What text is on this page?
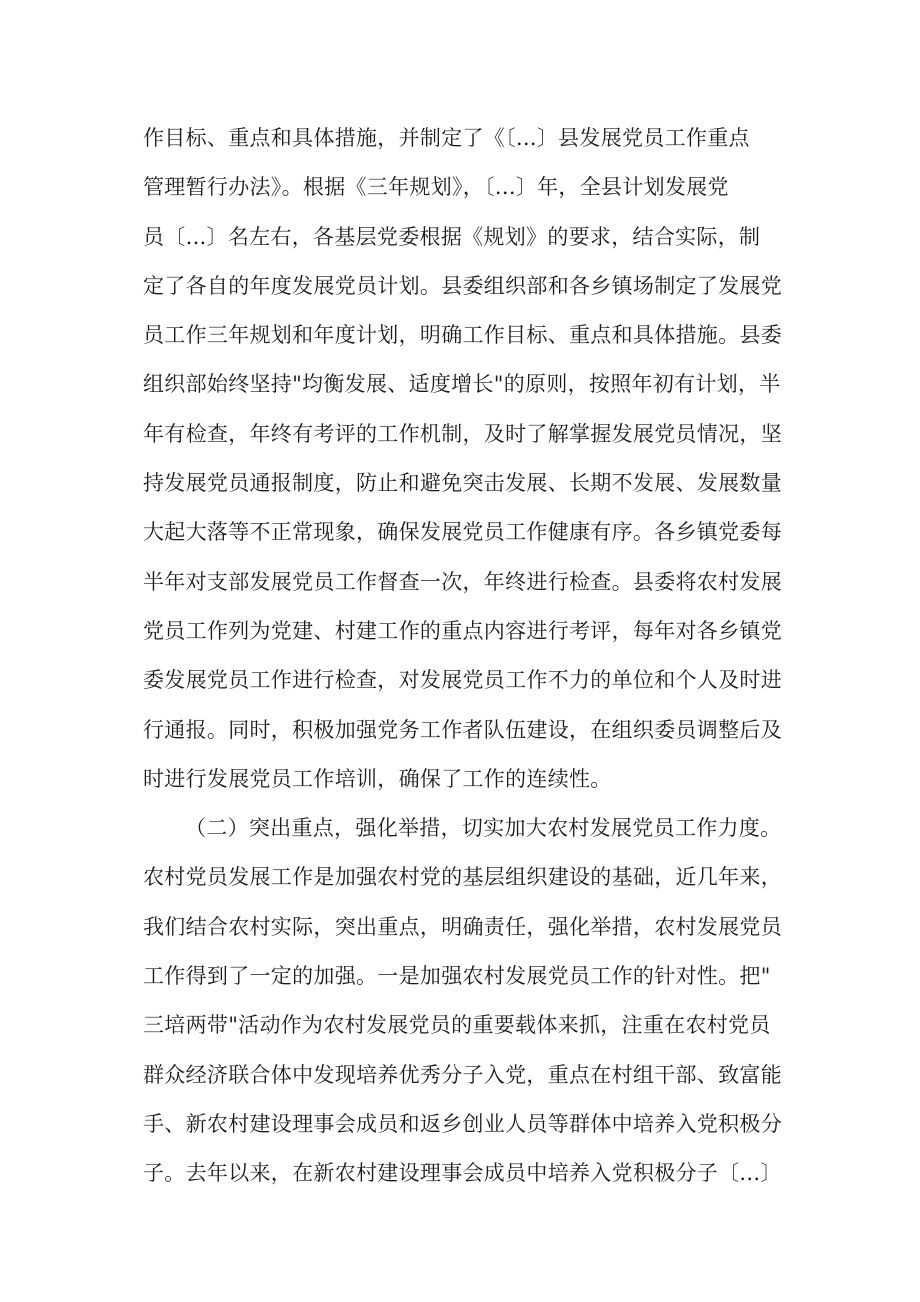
作目标、重点和具体措施，并制定了《〔...〕县发展党员工作重点
管理暂行办法》。根据《三年规划》，〔...〕年，全县计划发展党
员〔...〕名左右，各基层党委根据《规划》的要求，结合实际，制
定了各自的年度发展党员计划。县委组织部和各乡镇场制定了发展党
员工作三年规划和年度计划，明确工作目标、重点和具体措施。县委
组织部始终坚持"均衡发展、适度增长"的原则，按照年初有计划，半
年有检查，年终有考评的工作机制，及时了解掌握发展党员情况，坚
持发展党员通报制度，防止和避免突击发展、长期不发展、发展数量
大起大落等不正常现象，确保发展党员工作健康有序。各乡镇党委每
半年对支部发展党员工作督查一次，年终进行检查。县委将农村发展
党员工作列为党建、村建工作的重点内容进行考评，每年对各乡镇党
委发展党员工作进行检查，对发展党员工作不力的单位和个人及时进
行通报。同时，积极加强党务工作者队伍建设，在组织委员调整后及
时进行发展党员工作培训，确保了工作的连续性。
（二）突出重点，强化举措，切实加大农村发展党员工作力度。
农村党员发展工作是加强农村党的基层组织建设的基础，近几年来，
我们结合农村实际，突出重点，明确责任，强化举措，农村发展党员
工作得到了一定的加强。一是加强农村发展党员工作的针对性。把"
三培两带"活动作为农村发展党员的重要载体来抓，注重在农村党员
群众经济联合体中发现培养优秀分子入党，重点在村组干部、致富能
手、新农村建设理事会成员和返乡创业人员等群体中培养入党积极分
子。去年以来，在新农村建设理事会成员中培养入党积极分子〔...〕
